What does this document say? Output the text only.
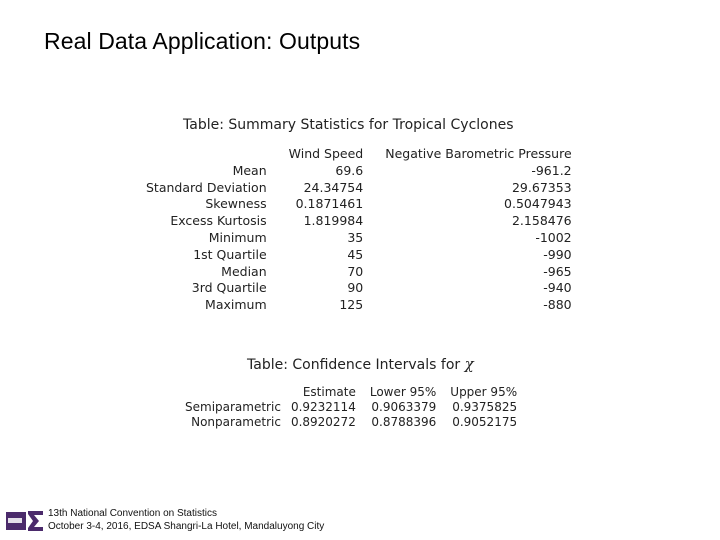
Real Data Application: Outputs
Table: Summary Statistics for Tropical Cyclones
	Wind Speed	Negative Barometric Pressure
Mean	69.6	-961.2
Standard Deviation	24.34754	29.67353
Skewness	0.1871461	0.5047943
Excess Kurtosis	1.819984	2.158476
Minimum	35	-1002
1st Quartile	45	-990
Median	70	-965
3rd Quartile	90	-940
Maximum	125	-880
Table: Confidence Intervals for χ
	Estimate	Lower 95%	Upper 95%
Semiparametric	0.9232114	0.9063379	0.9375825
Nonparametric	0.8920272	0.8788396	0.9052175
13th National Convention on Statistics
October 3-4, 2016, EDSA Shangri-La Hotel, Mandaluyong City
